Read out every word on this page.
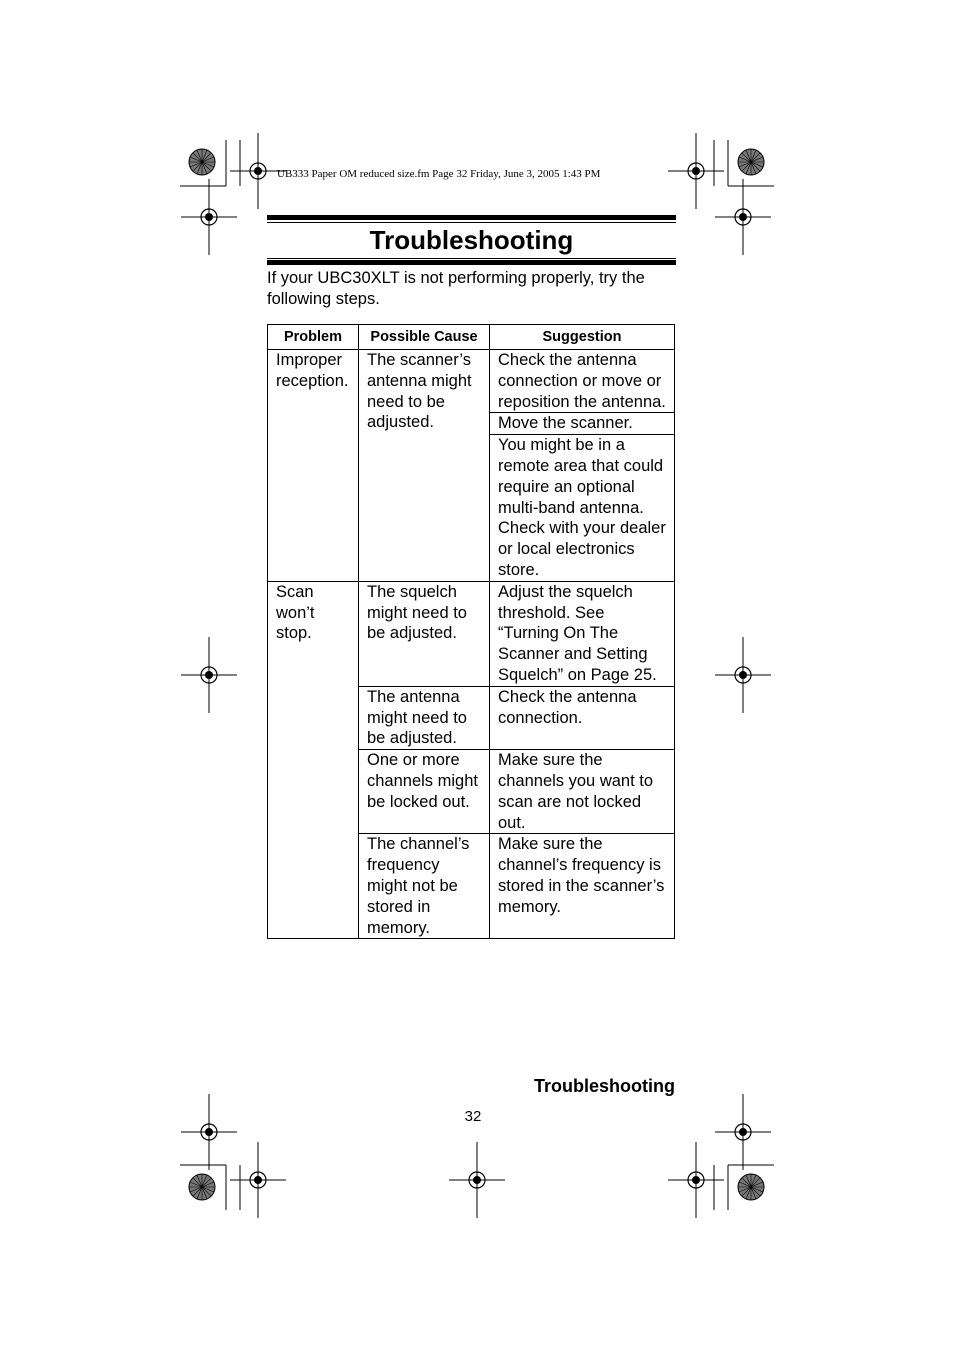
UB333 Paper OM reduced size.fm Page 32 Friday, June 3, 2005 1:43 PM
Troubleshooting

If your UBC30XLT is not performing properly, try the following steps.

Problem	Possible Cause	Suggestion
Improper reception.	The scanner’s antenna might need to be adjusted.	Check the antenna connection or move or reposition the antenna.
		Move the scanner.
		You might be in a remote area that could require an optional multi-band antenna. Check with your dealer or local electronics store.
Scan won’t stop.	The squelch might need to be adjusted.	Adjust the squelch threshold. See “Turning On The Scanner and Setting Squelch” on Page 25.
	The antenna might need to be adjusted.	Check the antenna connection.
	One or more channels might be locked out.	Make sure the channels you want to scan are not locked out.
	The channel’s frequency might not be stored in memory.	Make sure the channel’s frequency is stored in the scanner’s memory.
Troubleshooting
32
